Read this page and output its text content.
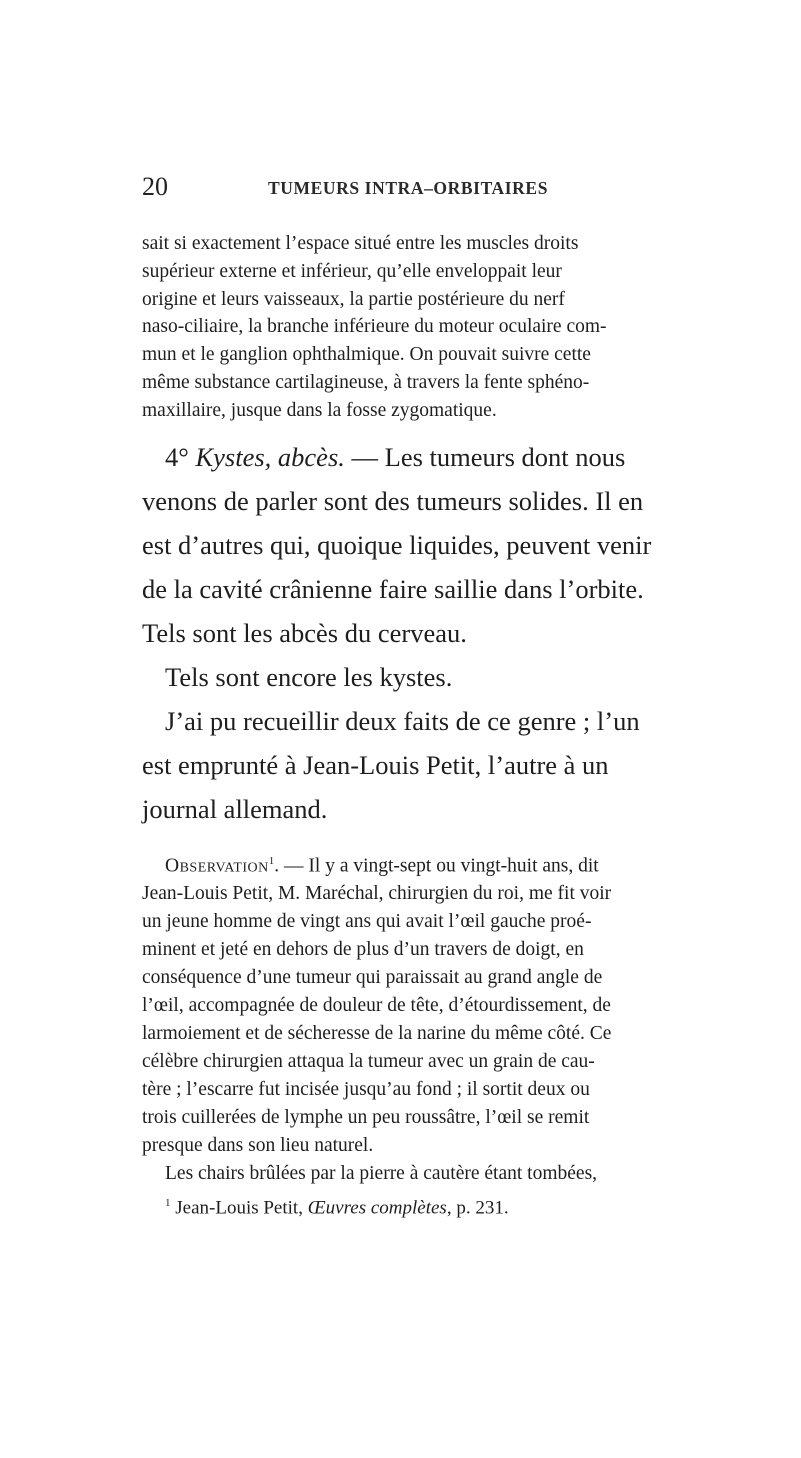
20	TUMEURS INTRA–ORBITAIRES
sait si exactement l’espace situé entre les muscles droits
supérieur externe et inférieur, qu’elle enveloppait leur
origine et leurs vaisseaux, la partie postérieure du nerf
naso-ciliaire, la branche inférieure du moteur oculaire com-
mun et le ganglion ophthalmique. On pouvait suivre cette
même substance cartilagineuse, à travers la fente sphéno-
maxillaire, jusque dans la fosse zygomatique.
4° Kystes, abcès. — Les tumeurs dont nous
venons de parler sont des tumeurs solides. Il en
est d’autres qui, quoique liquides, peuvent venir
de la cavité crânienne faire saillie dans l’orbite.
Tels sont les abcès du cerveau.
Tels sont encore les kystes.
J’ai pu recueillir deux faits de ce genre ; l’un
est emprunté à Jean-Louis Petit, l’autre à un
journal allemand.
Observation$^1$. — Il y a vingt-sept ou vingt-huit ans, dit
Jean-Louis Petit, M. Maréchal, chirurgien du roi, me fit voir
un jeune homme de vingt ans qui avait l’œil gauche proé-
minent et jeté en dehors de plus d’un travers de doigt, en
conséquence d’une tumeur qui paraissait au grand angle de
l’œil, accompagnée de douleur de tête, d’étourdissement, de
larmoiement et de sécheresse de la narine du même côté. Ce
célèbre chirurgien attaqua la tumeur avec un grain de cau-
tère ; l’escarre fut incisée jusqu’au fond ; il sortit deux ou
trois cuillerées de lymphe un peu roussâtre, l’œil se remit
presque dans son lieu naturel.
Les chairs brûlées par la pierre à cautère étant tombées,
$^1$ Jean-Louis Petit, Œuvres complètes, p. 231.
